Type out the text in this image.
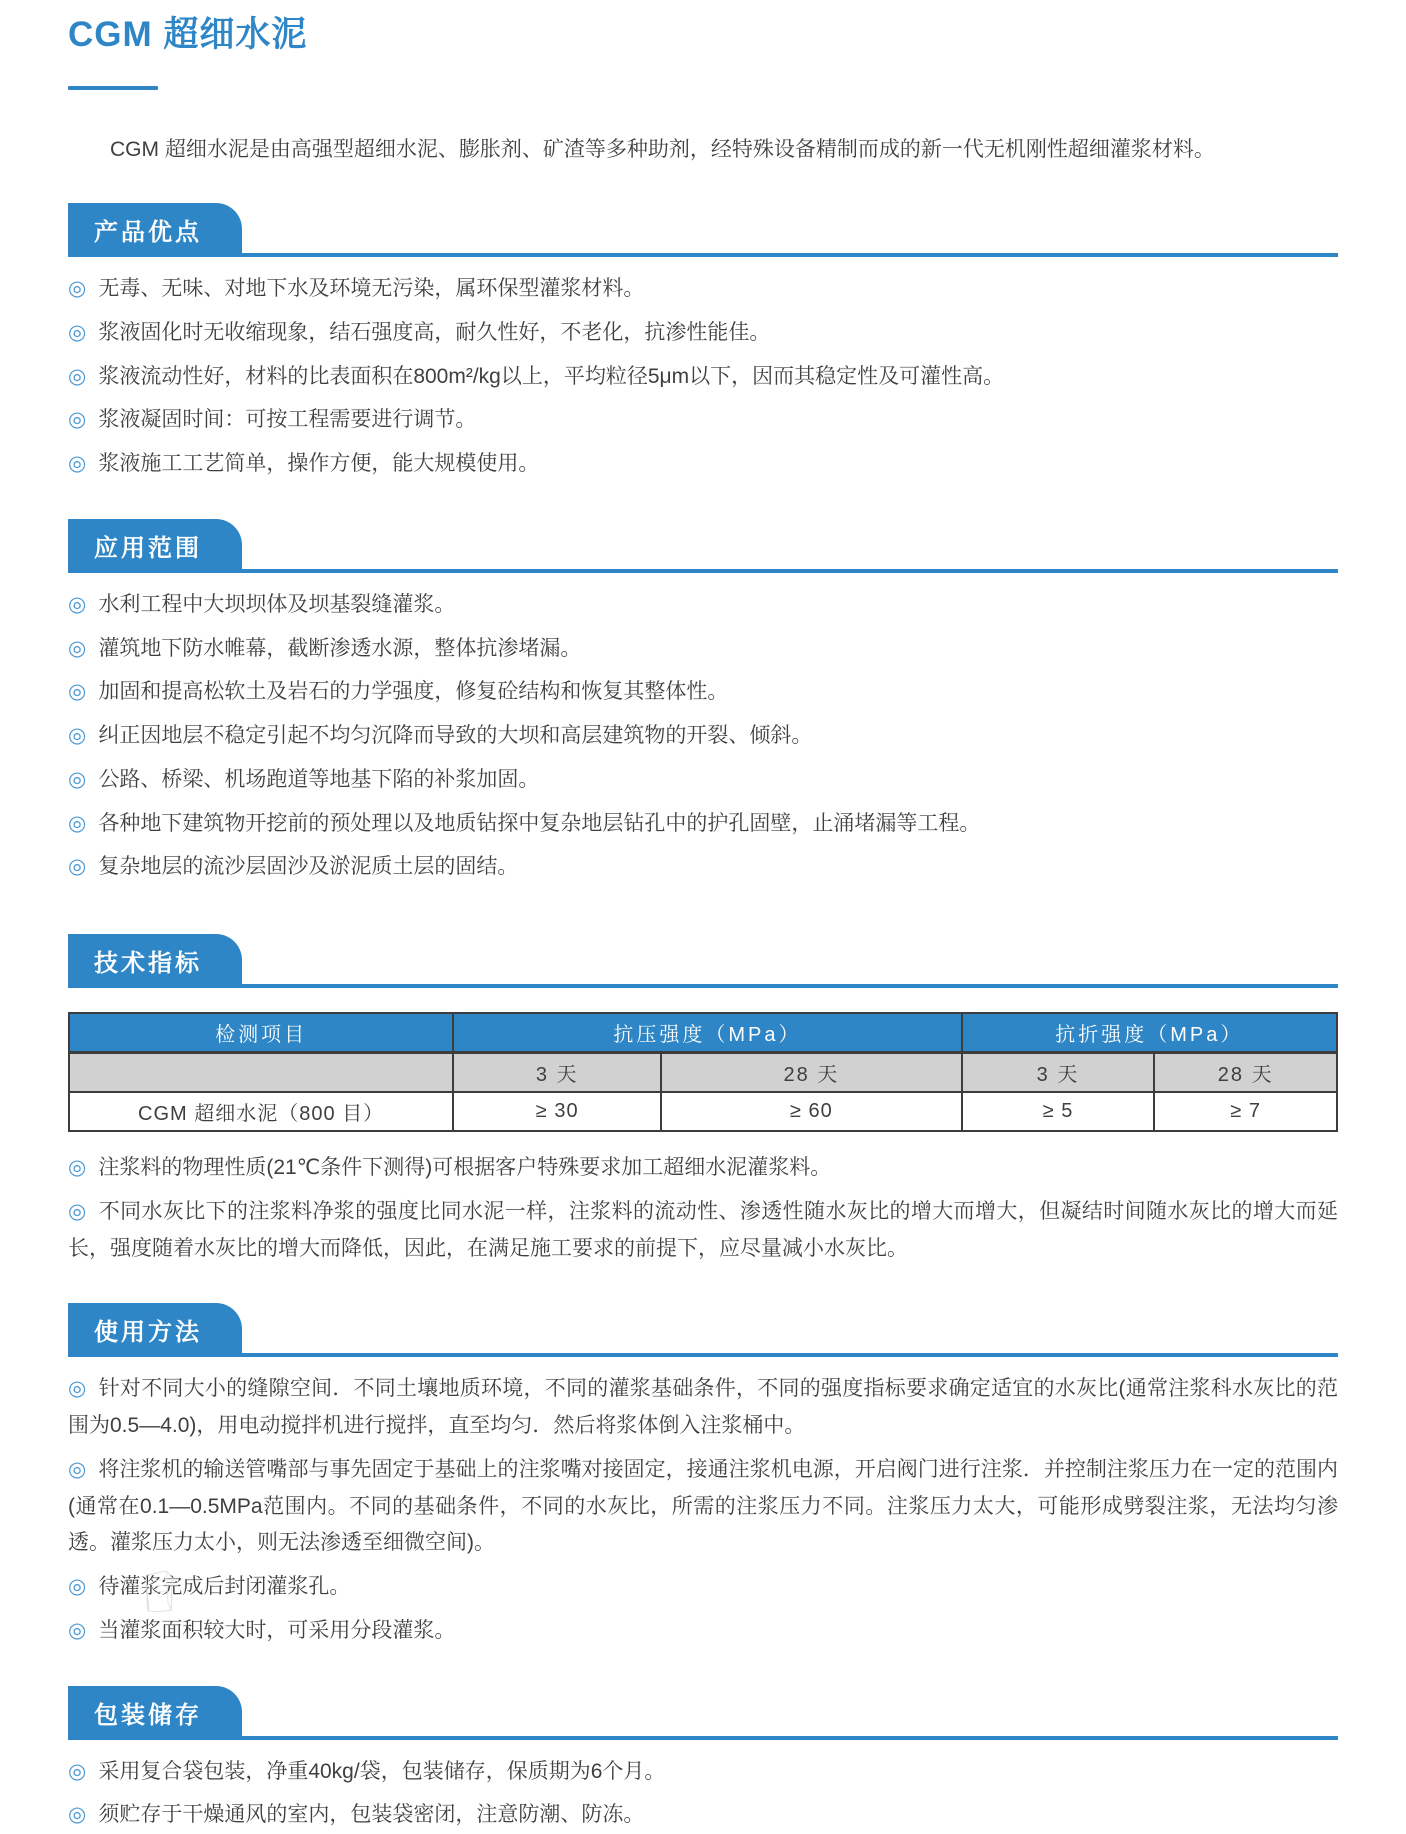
CGM 超细水泥

CGM 超细水泥是由高强型超细水泥、膨胀剂、矿渣等多种助剂，经特殊设备精制而成的新一代无机刚性超细灌浆材料。

产品优点

◎ 无毒、无味、对地下水及环境无污染，属环保型灌浆材料。

◎ 浆液固化时无收缩现象，结石强度高，耐久性好，不老化，抗渗性能佳。

◎ 浆液流动性好，材料的比表面积在800m²/kg以上，平均粒径5μm以下，因而其稳定性及可灌性高。

◎ 浆液凝固时间：可按工程需要进行调节。

◎ 浆液施工工艺简单，操作方便，能大规模使用。

应用范围

◎ 水利工程中大坝坝体及坝基裂缝灌浆。

◎ 灌筑地下防水帷幕，截断渗透水源，整体抗渗堵漏。

◎ 加固和提高松软土及岩石的力学强度，修复砼结构和恢复其整体性。

◎ 纠正因地层不稳定引起不均匀沉降而导致的大坝和高层建筑物的开裂、倾斜。

◎ 公路、桥梁、机场跑道等地基下陷的补浆加固。

◎ 各种地下建筑物开挖前的预处理以及地质钻探中复杂地层钻孔中的护孔固壁，止涌堵漏等工程。

◎ 复杂地层的流沙层固沙及淤泥质土层的固结。

技术指标
检测项目	抗压强度（MPa）		抗折强度（MPa）	
	3 天	28 天	3 天	28 天
CGM 超细水泥（800 目）	≥ 30	≥ 60	≥ 5	≥ 7

◎ 注浆料的物理性质(21℃条件下测得)可根据客户特殊要求加工超细水泥灌浆料。

◎ 不同水灰比下的注浆料净浆的强度比同水泥一样，注浆料的流动性、渗透性随水灰比的增大而增大，但凝结时间随水灰比的增大而延长，强度随着水灰比的增大而降低，因此，在满足施工要求的前提下，应尽量减小水灰比。

使用方法

◎ 针对不同大小的缝隙空间．不同土壤地质环境，不同的灌浆基础条件，不同的强度指标要求确定适宜的水灰比(通常注浆科水灰比的范围为0.5—4.0)，用电动搅拌机进行搅拌，直至均匀．然后将浆体倒入注浆桶中。

◎ 将注浆机的输送管嘴部与事先固定于基础上的注浆嘴对接固定，接通注浆机电源，开启阀门进行注浆．并控制注浆压力在一定的范围内(通常在0.1—0.5MPa范围内。不同的基础条件，不同的水灰比，所需的注浆压力不同。注浆压力太大，可能形成劈裂注浆，无法均匀渗透。灌浆压力太小，则无法渗透至细微空间)。

◎ 待灌浆完成后封闭灌浆孔。

◎ 当灌浆面积较大时，可采用分段灌浆。

包装储存

◎ 采用复合袋包装，净重40kg/袋，包装储存，保质期为6个月。

◎ 须贮存于干燥通风的室内，包装袋密闭，注意防潮、防冻。
